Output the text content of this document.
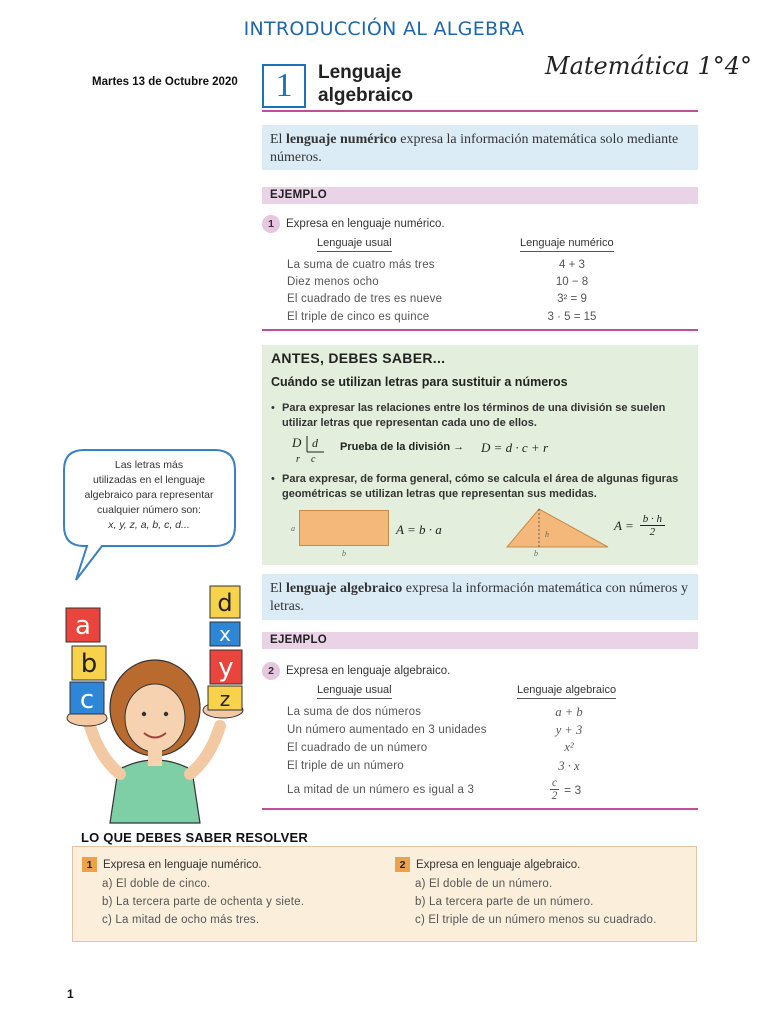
INTRODUCCIÓN AL ALGEBRA
Martes 13 de Octubre 2020
Matemática 1°4°
1 Lenguaje
algebraico
El lenguaje numérico expresa la información matemática solo mediante números.
EJEMPLO
1	Expresa en lenguaje numérico.
Lenguaje usual	Lenguaje numérico
La suma de cuatro más tres	4 + 3
Diez menos ocho	10 − 8
El cuadrado de tres es nueve	3² = 9
El triple de cinco es quince	3 · 5 = 15
ANTES, DEBES SABER...
Cuándo se utilizan letras para sustituir a números
• Para expresar las relaciones entre los términos de una división se suelen utilizar letras que representan cada uno de ellos.
D
r
d
c
Prueba de la división → D = d · c + r
• Para expresar, de forma general, cómo se calcula el área de algunas figuras geométricas se utilizan letras que representan sus medidas.
a
b
A = b · a	h
b
$A = \frac{b \cdot h}{2}$
Las letras más
utilizadas en el lenguaje
algebraico para representar
cualquier número son:
x, y, z, a, b, c, d...
a
b
c
d
x
y
z
El lenguaje algebraico expresa la información matemática con números y letras.
EJEMPLO
2	Expresa en lenguaje algebraico.
Lenguaje usual	Lenguaje algebraico
La suma de dos números	a + b
Un número aumentado en 3 unidades	y + 3
El cuadrado de un número	x²
El triple de un número	3 · x
La mitad de un número es igual a 3	$\frac{c}{2} = 3$
LO QUE DEBES SABER RESOLVER
1 Expresa en lenguaje numérico.
a) El doble de cinco.
b) La tercera parte de ochenta y siete.
c) La mitad de ocho más tres.
2 Expresa en lenguaje algebraico.
a) El doble de un número.
b) La tercera parte de un número.
c) El triple de un número menos su cuadrado.
1
